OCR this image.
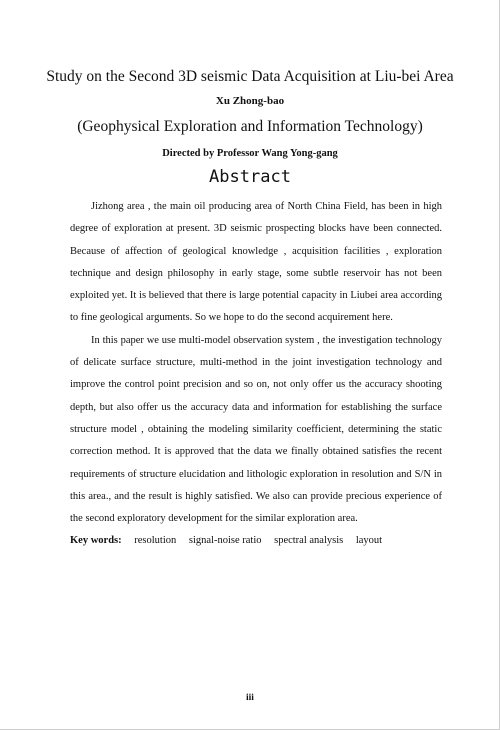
Study on the Second 3D seismic Data Acquisition at Liu-bei Area
Xu Zhong-bao
(Geophysical Exploration and Information Technology)
Directed by Professor Wang Yong-gang
Abstract

Jizhong area , the main oil producing area of North China Field, has been in high degree of exploration at present. 3D seismic prospecting blocks have been connected. Because of affection of geological knowledge , acquisition facilities , exploration technique and design philosophy in early stage, some subtle reservoir has not been exploited yet. It is believed that there is large potential capacity in Liubei area according to fine geological arguments. So we hope to do the second acquirement here.

In this paper we use multi-model observation system , the investigation technology of delicate surface structure, multi-method in the joint investigation technology and improve the control point precision and so on, not only offer us the accuracy shooting depth, but also offer us the accuracy data and information for establishing the surface structure model , obtaining the modeling similarity coefficient, determining the static correction method. It is approved that the data we finally obtained satisfies the recent requirements of structure elucidation and lithologic exploration in resolution and S/N in this area., and the result is highly satisfied. We also can provide precious experience of the second exploratory development for the similar exploration area.

Key words: resolution signal-noise ratio spectral analysis layout

iii
